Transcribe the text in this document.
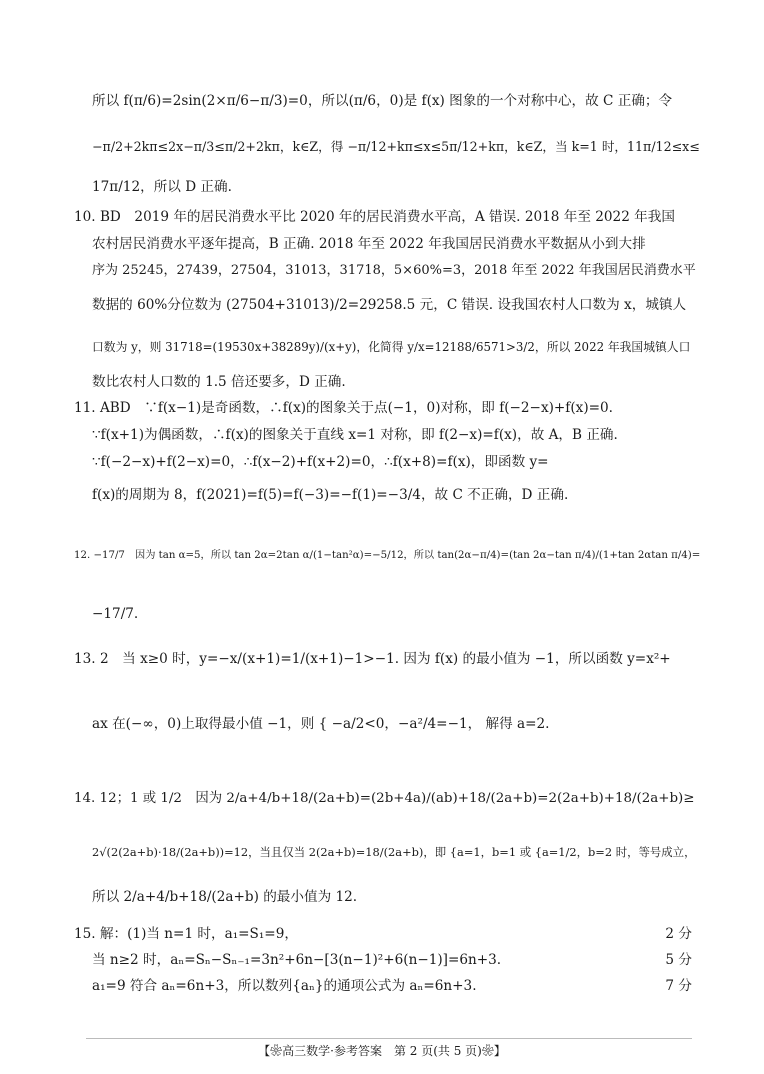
所以 f(π/6)=2sin(2×π/6−π/3)=0，所以(π/6，0)是 f(x) 图象的一个对称中心，故 C 正确；令
−π/2+2kπ≤2x−π/3≤π/2+2kπ，k∈Z，得 −π/12+kπ≤x≤5π/12+kπ，k∈Z，当 k=1 时，11π/12≤x≤
17π/12，所以 D 正确.
10. BD　2019 年的居民消费水平比 2020 年的居民消费水平高，A 错误. 2018 年至 2022 年我国
农村居民消费水平逐年提高，B 正确. 2018 年至 2022 年我国居民消费水平数据从小到大排
序为 25245，27439，27504，31013，31718，5×60%=3，2018 年至 2022 年我国居民消费水平
数据的 60%分位数为 (27504+31013)/2=29258.5 元，C 错误. 设我国农村人口数为 x，城镇人
口数为 y，则 31718=(19530x+38289y)/(x+y)，化简得 y/x=12188/6571>3/2，所以 2022 年我国城镇人口
数比农村人口数的 1.5 倍还要多，D 正确.
11. ABD　∵f(x−1)是奇函数，∴f(x)的图象关于点(−1，0)对称，即 f(−2−x)+f(x)=0.
∵f(x+1)为偶函数，∴f(x)的图象关于直线 x=1 对称，即 f(2−x)=f(x)，故 A，B 正确.
∵f(−2−x)+f(2−x)=0，∴f(x−2)+f(x+2)=0，∴f(x+8)=f(x)，即函数 y=
f(x)的周期为 8，f(2021)=f(5)=f(−3)=−f(1)=−3/4，故 C 不正确，D 正确.
12. −17/7　因为 tan α=5，所以 tan 2α=2tan α/(1−tan²α)=−5/12，所以 tan(2α−π/4)=(tan 2α−tan π/4)/(1+tan 2αtan π/4)=
−17/7.
13. 2　当 x≥0 时，y=−x/(x+1)=1/(x+1)−1>−1. 因为 f(x) 的最小值为 −1，所以函数 y=x²+
ax 在(−∞，0)上取得最小值 −1，则 { −a/2<0，−a²/4=−1， 解得 a=2.
14. 12；1 或 1/2　因为 2/a+4/b+18/(2a+b)=(2b+4a)/(ab)+18/(2a+b)=2(2a+b)+18/(2a+b)≥
2√(2(2a+b)·18/(2a+b))=12，当且仅当 2(2a+b)=18/(2a+b)，即 {a=1，b=1 或 {a=1/2，b=2 时，等号成立，
所以 2/a+4/b+18/(2a+b) 的最小值为 12.
15. 解：(1)当 n=1 时，a₁=S₁=9，	2 分
当 n≥2 时，aₙ=Sₙ−Sₙ₋₁=3n²+6n−[3(n−1)²+6(n−1)]=6n+3.	5 分
a₁=9 符合 aₙ=6n+3，所以数列{aₙ}的通项公式为 aₙ=6n+3.	7 分
【❀高三数学·参考答案　第 2 页(共 5 页)❀】
